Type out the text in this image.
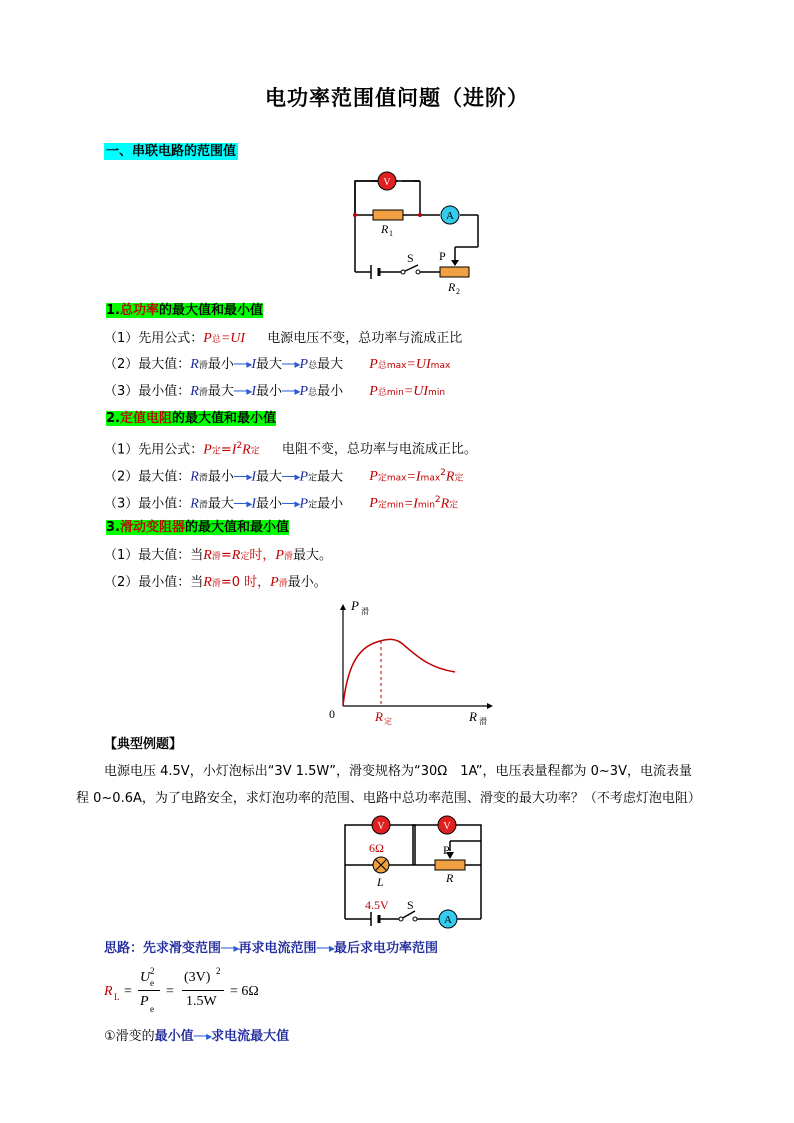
电功率范围值问题（进阶）
一、串联电路的范围值
V
A
R 1
S P
R 2
1.总功率的最大值和最小值
（1）先用公式：P总=UI 电源电压不变，总功率与流成正比
（2）最大值：R滑最小──▸I最大──▸P总最大 P总max=UImax
（3）最小值：R滑最大──▸I最小──▸P总最小 P总min=UImin
2.定值电阻的最大值和最小值
（1）先用公式：P定$=I^2R$定 电阻不变，总功率与电流成正比。
（2）最大值：R滑最小──▸I最大──▸P定最大 P定max=Imax$^2$R定
（3）最小值：R滑最大──▸I最小──▸P定最小 P定min=Imin$^2$R定
3.滑动变阻器的最大值和最小值
（1）最大值：当R滑=R定时，P滑最大。
（2）最小值：当R滑=0 时，P滑最小。
P 滑
0	R 定	R 滑
【典型例题】
电源电压 4.5V，小灯泡标出“3V 1.5W”，滑变规格为“30Ω　1A”，电压表量程都为 0~3V，电流表量
程 0~0.6A，为了电路安全，求灯泡功率的范围、电路中总功率范围、滑变的最大功率？（不考虑灯泡电阻）
V	V
A
6Ω
L
P
R
4.5V S
思路：先求滑变范围──▸再求电流范围──▸最后求电功率范围
R L =
U 2
e
P e
=
(3V) 2
1.5W
= 6Ω
①滑变的最小值──▸求电流最大值
